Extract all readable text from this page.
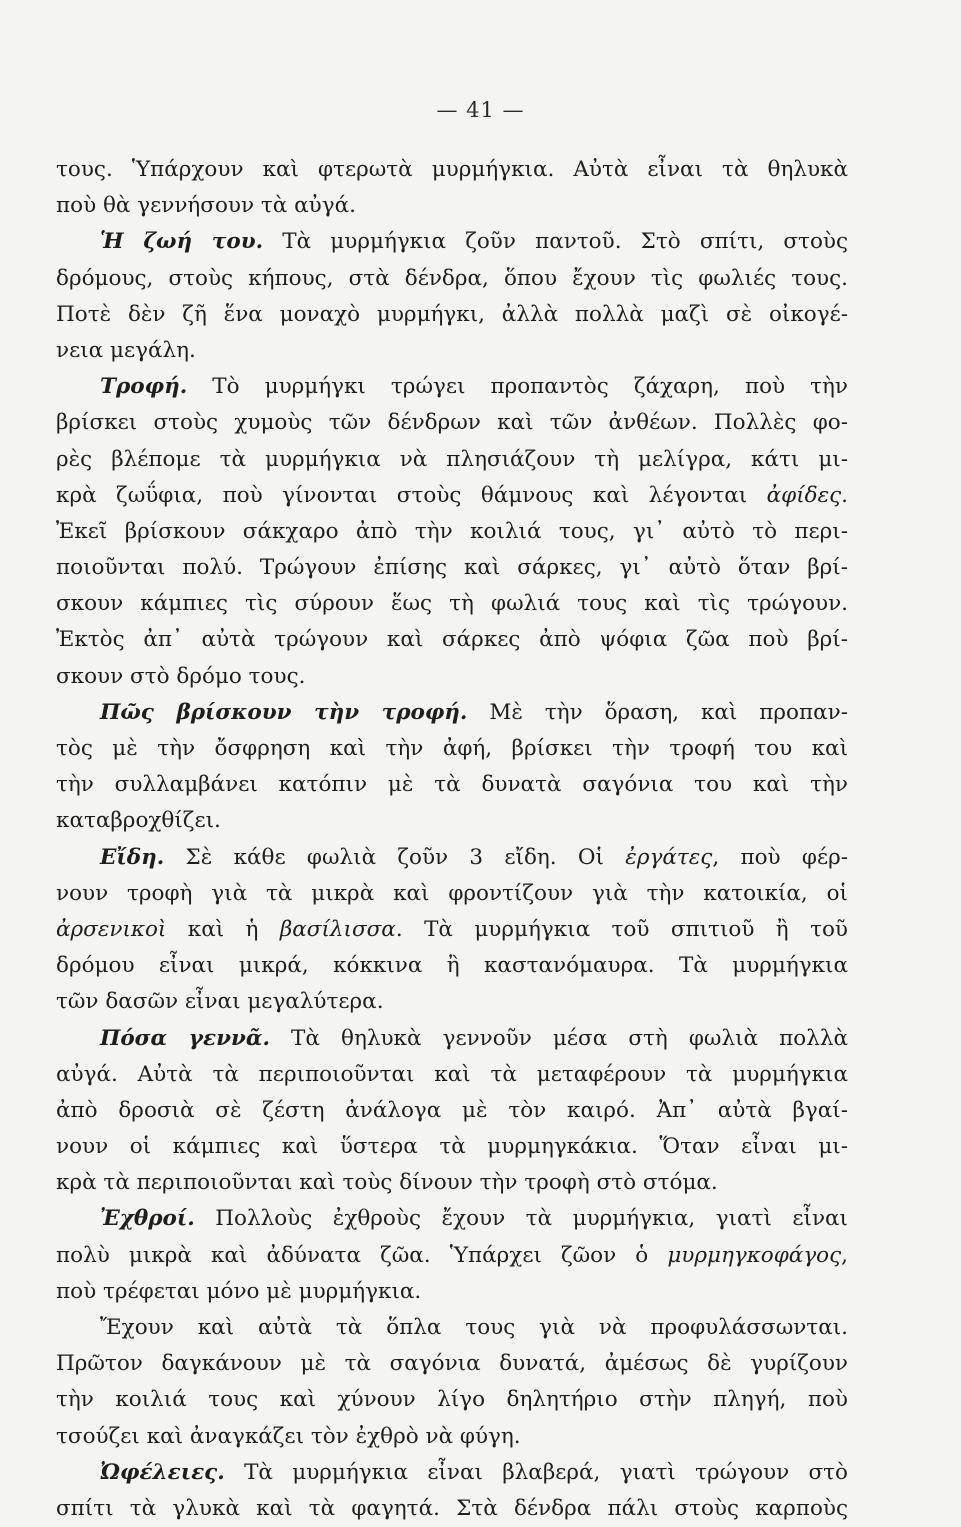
— 41 —
τους. Ὑπάρχουν καὶ φτερωτὰ μυρμήγκια. Αὐτὰ εἶναι τὰ θηλυκὰ
ποὺ θὰ γεννήσουν τὰ αὐγά.
Ἡ ζωή του. Τὰ μυρμήγκια ζοῦν παντοῦ. Στὸ σπίτι, στοὺς
δρόμους, στοὺς κήπους, στὰ δένδρα, ὅπου ἔχουν τὶς φωλιές τους.
Ποτὲ δὲν ζῆ ἕνα μοναχὸ μυρμήγκι, ἀλλὰ πολλὰ μαζὶ σὲ οἰκογέ-
νεια μεγάλη.
Τροφή. Τὸ μυρμήγκι τρώγει προπαντὸς ζάχαρη, ποὺ τὴν
βρίσκει στοὺς χυμοὺς τῶν δένδρων καὶ τῶν ἀνθέων. Πολλὲς φο-
ρὲς βλέπομε τὰ μυρμήγκια νὰ πλησιάζουν τὴ μελίγρα, κάτι μι-
κρὰ ζωΰφια, ποὺ γίνονται στοὺς θάμνους καὶ λέγονται ἀφίδες.
Ἐκεῖ βρίσκουν σάκχαρο ἀπὸ τὴν κοιλιά τους, γι᾿ αὐτὸ τὸ περι-
ποιοῦνται πολύ. Τρώγουν ἐπίσης καὶ σάρκες, γι᾿ αὐτὸ ὅταν βρί-
σκουν κάμπιες τὶς σύρουν ἕως τὴ φωλιά τους καὶ τὶς τρώγουν.
Ἐκτὸς ἀπ᾿ αὐτὰ τρώγουν καὶ σάρκες ἀπὸ ψόφια ζῶα ποὺ βρί-
σκουν στὸ δρόμο τους.
Πῶς βρίσκουν τὴν τροφή. Μὲ τὴν ὅραση, καὶ προπαν-
τὸς μὲ τὴν ὄσφρηση καὶ τὴν ἀφή, βρίσκει τὴν τροφή του καὶ
τὴν συλλαμβάνει κατόπιν μὲ τὰ δυνατὰ σαγόνια του καὶ τὴν
καταβροχθίζει.
Εἴδη. Σὲ κάθε φωλιὰ ζοῦν 3 εἴδη. Οἱ ἐργάτες, ποὺ φέρ-
νουν τροφὴ γιὰ τὰ μικρὰ καὶ φροντίζουν γιὰ τὴν κατοικία, οἱ
ἀρσενικοὶ καὶ ἡ βασίλισσα. Τὰ μυρμήγκια τοῦ σπιτιοῦ ἢ τοῦ
δρόμου εἶναι μικρά, κόκκινα ἢ καστανόμαυρα. Τὰ μυρμήγκια
τῶν δασῶν εἶναι μεγαλύτερα.
Πόσα γεννᾶ. Τὰ θηλυκὰ γεννοῦν μέσα στὴ φωλιὰ πολλὰ
αὐγά. Αὐτὰ τὰ περιποιοῦνται καὶ τὰ μεταφέρουν τὰ μυρμήγκια
ἀπὸ δροσιὰ σὲ ζέστη ἀνάλογα μὲ τὸν καιρό. Ἀπ᾿ αὐτὰ βγαί-
νουν οἱ κάμπιες καὶ ὕστερα τὰ μυρμηγκάκια. Ὅταν εἶναι μι-
κρὰ τὰ περιποιοῦνται καὶ τοὺς δίνουν τὴν τροφὴ στὸ στόμα.
Ἐχθροί. Πολλοὺς ἐχθροὺς ἔχουν τὰ μυρμήγκια, γιατὶ εἶναι
πολὺ μικρὰ καὶ ἀδύνατα ζῶα. Ὑπάρχει ζῶον ὁ μυρμηγκοφάγος,
ποὺ τρέφεται μόνο μὲ μυρμήγκια.
Ἔχουν καὶ αὐτὰ τὰ ὅπλα τους γιὰ νὰ προφυλάσσωνται.
Πρῶτον δαγκάνουν μὲ τὰ σαγόνια δυνατά, ἀμέσως δὲ γυρίζουν
τὴν κοιλιά τους καὶ χύνουν λίγο δηλητήριο στὴν πληγή, ποὺ
τσούζει καὶ ἀναγκάζει τὸν ἐχθρὸ νὰ φύγη.
Ὠφέλειες. Τὰ μυρμήγκια εἶναι βλαβερά, γιατὶ τρώγουν στὸ
σπίτι τὰ γλυκὰ καὶ τὰ φαγητά. Στὰ δένδρα πάλι στοὺς καρποὺς
